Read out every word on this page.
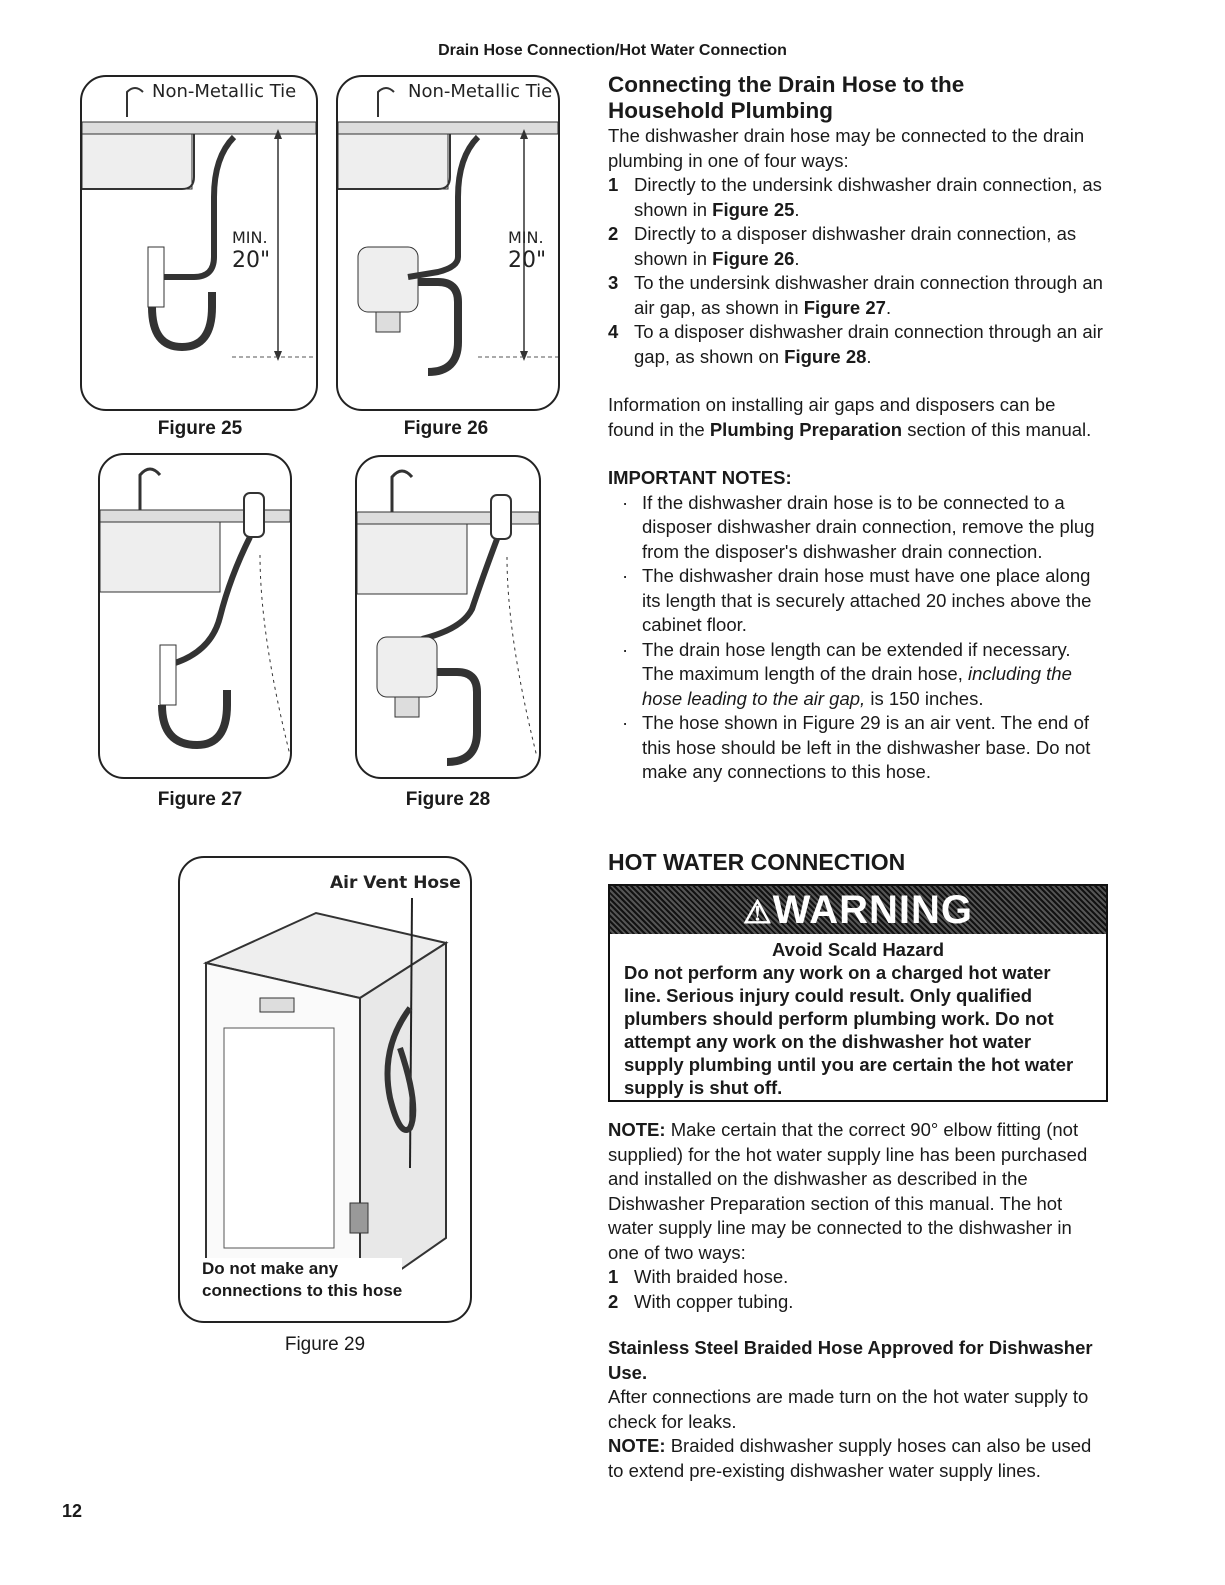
Drain Hose Connection/Hot Water Connection
Non-Metallic Tie
MIN.
20"
Figure 25
Non-Metallic Tie
MIN.
20"
Figure 26
Figure 27	Figure 28
Air Vent Hose
Do not make any
connections to this hose
Figure 29
Connecting the Drain Hose to the
Household Plumbing
The dishwasher drain hose may be connected to the drain plumbing in one of four ways:
1 Directly to the undersink dishwasher drain connection, as shown in Figure 25.
2 Directly to a disposer dishwasher drain connection, as shown in Figure 26.
3 To the undersink dishwasher drain connection through an air gap, as shown in Figure 27.
4 To a disposer dishwasher drain connection through an air gap, as shown on Figure 28.
Information on installing air gaps and disposers can be found in the Plumbing Preparation section of this manual.
IMPORTANT NOTES:
· If the dishwasher drain hose is to be connected to a disposer dishwasher drain connection, remove the plug from the disposer's dishwasher drain connection.
· The dishwasher drain hose must have one place along its length that is securely attached 20 inches above the cabinet floor.
· The drain hose length can be extended if necessary. The maximum length of the drain hose, including the hose leading to the air gap, is 150 inches.
· The hose shown in Figure 29 is an air vent. The end of this hose should be left in the dishwasher base. Do not make any connections to this hose.
HOT WATER CONNECTION
⚠WARNING
Avoid Scald Hazard
Do not perform any work on a charged hot water line. Serious injury could result. Only qualified plumbers should perform plumbing work. Do not attempt any work on the dishwasher hot water supply plumbing until you are certain the hot water supply is shut off.
NOTE: Make certain that the correct 90° elbow fitting (not supplied) for the hot water supply line has been purchased and installed on the dishwasher as described in the Dishwasher Preparation section of this manual. The hot water supply line may be connected to the dishwasher in one of two ways:
1 With braided hose.
2 With copper tubing.
Stainless Steel Braided Hose Approved for Dishwasher Use.
After connections are made turn on the hot water supply to check for leaks.
NOTE: Braided dishwasher supply hoses can also be used to extend pre-existing dishwasher water supply lines.
12
